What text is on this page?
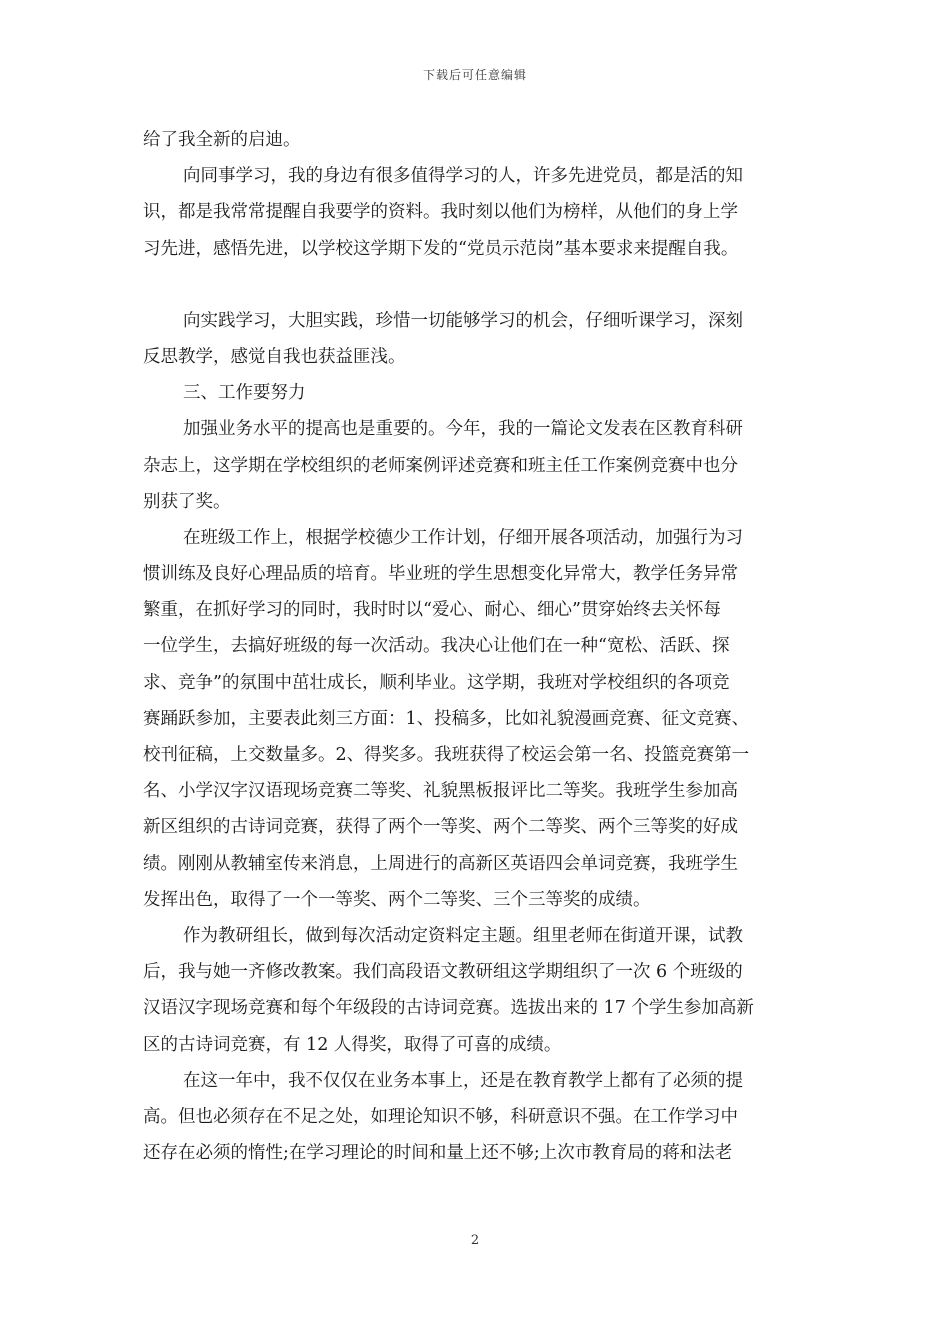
下载后可任意编辑
给了我全新的启迪。
向同事学习，我的身边有很多值得学习的人，许多先进党员，都是活的知
识，都是我常常提醒自我要学的资料。我时刻以他们为榜样，从他们的身上学
习先进，感悟先进，以学校这学期下发的“党员示范岗”基本要求来提醒自我。
向实践学习，大胆实践，珍惜一切能够学习的机会，仔细听课学习，深刻
反思教学，感觉自我也获益匪浅。
三、工作要努力
加强业务水平的提高也是重要的。今年，我的一篇论文发表在区教育科研
杂志上，这学期在学校组织的老师案例评述竞赛和班主任工作案例竞赛中也分
别获了奖。
在班级工作上，根据学校德少工作计划，仔细开展各项活动，加强行为习
惯训练及良好心理品质的培育。毕业班的学生思想变化异常大，教学任务异常
繁重，在抓好学习的同时，我时时以“爱心、耐心、细心”贯穿始终去关怀每
一位学生，去搞好班级的每一次活动。我决心让他们在一种“宽松、活跃、探
求、竞争”的氛围中茁壮成长，顺利毕业。这学期，我班对学校组织的各项竞
赛踊跃参加，主要表此刻三方面：1、投稿多，比如礼貌漫画竞赛、征文竞赛、
校刊征稿，上交数量多。2、得奖多。我班获得了校运会第一名、投篮竞赛第一
名、小学汉字汉语现场竞赛二等奖、礼貌黑板报评比二等奖。我班学生参加高
新区组织的古诗词竞赛，获得了两个一等奖、两个二等奖、两个三等奖的好成
绩。刚刚从教辅室传来消息，上周进行的高新区英语四会单词竞赛，我班学生
发挥出色，取得了一个一等奖、两个二等奖、三个三等奖的成绩。
作为教研组长，做到每次活动定资料定主题。组里老师在街道开课，试教
后，我与她一齐修改教案。我们高段语文教研组这学期组织了一次 6 个班级的
汉语汉字现场竞赛和每个年级段的古诗词竞赛。选拔出来的 17 个学生参加高新
区的古诗词竞赛，有 12 人得奖，取得了可喜的成绩。
在这一年中，我不仅仅在业务本事上，还是在教育教学上都有了必须的提
高。但也必须存在不足之处，如理论知识不够，科研意识不强。在工作学习中
还存在必须的惰性;在学习理论的时间和量上还不够;上次市教育局的蒋和法老
2
